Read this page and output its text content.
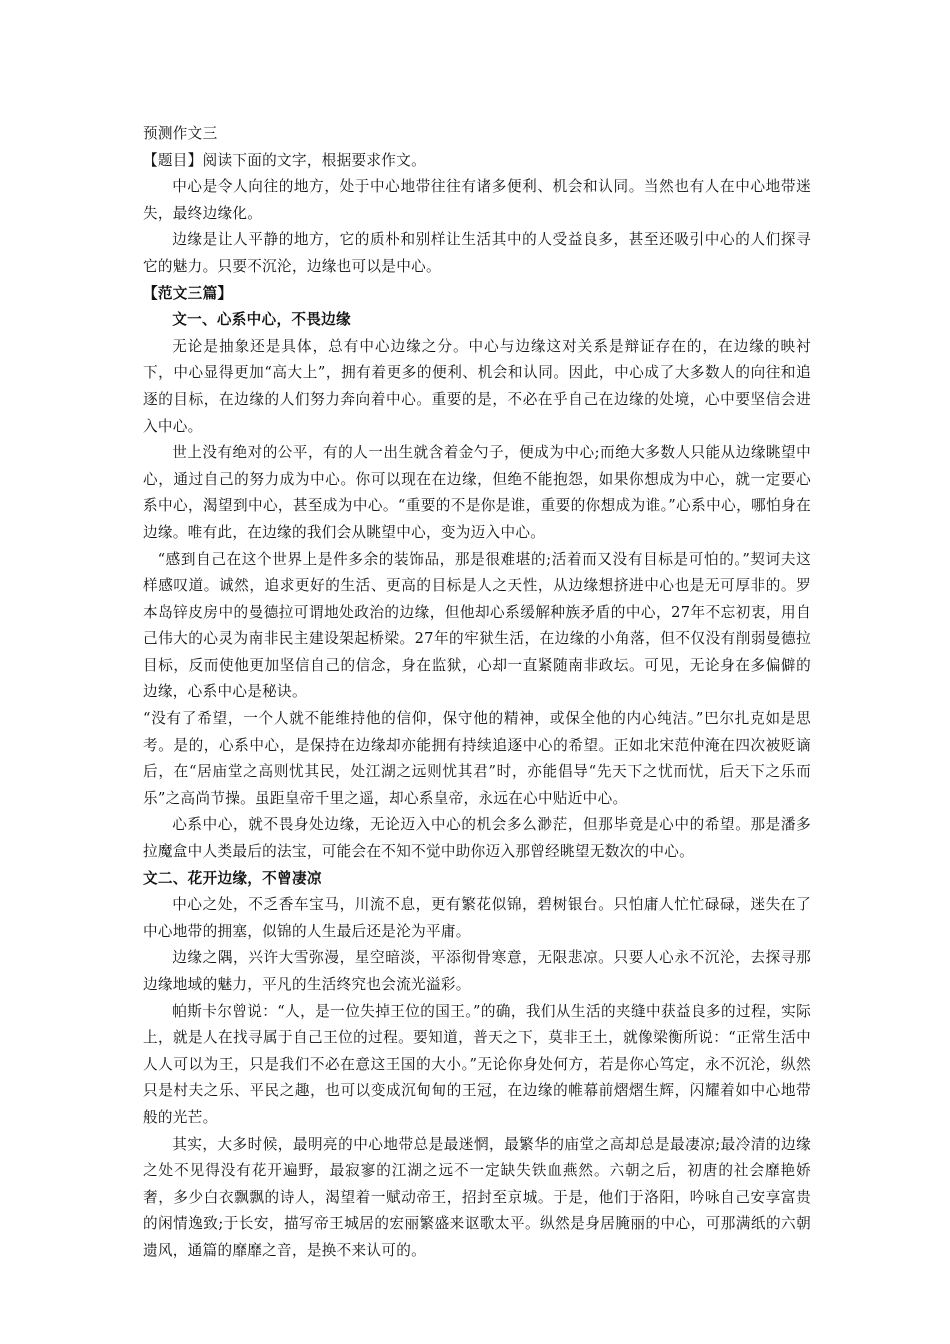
预测作文三

【题目】阅读下面的文字，根据要求作文。

中心是令人向往的地方，处于中心地带往往有诸多便利、机会和认同。当然也有人在中心地带迷失，最终边缘化。

边缘是让人平静的地方，它的质朴和别样让生活其中的人受益良多，甚至还吸引中心的人们探寻它的魅力。只要不沉沦，边缘也可以是中心。

【范文三篇】

文一、心系中心，不畏边缘

无论是抽象还是具体，总有中心边缘之分。中心与边缘这对关系是辩证存在的，在边缘的映衬下，中心显得更加“高大上”，拥有着更多的便利、机会和认同。因此，中心成了大多数人的向往和追逐的目标，在边缘的人们努力奔向着中心。重要的是，不必在乎自己在边缘的处境，心中要坚信会进入中心。

世上没有绝对的公平，有的人一出生就含着金勺子，便成为中心;而绝大多数人只能从边缘眺望中心，通过自己的努力成为中心。你可以现在在边缘，但绝不能抱怨，如果你想成为中心，就一定要心系中心，渴望到中心，甚至成为中心。“重要的不是你是谁，重要的你想成为谁。”心系中心，哪怕身在边缘。唯有此，在边缘的我们会从眺望中心，变为迈入中心。

“感到自己在这个世界上是件多余的装饰品，那是很难堪的;活着而又没有目标是可怕的。”契诃夫这样感叹道。诚然，追求更好的生活、更高的目标是人之天性，从边缘想挤进中心也是无可厚非的。罗本岛锌皮房中的曼德拉可谓地处政治的边缘，但他却心系缓解种族矛盾的中心，27年不忘初衷，用自己伟大的心灵为南非民主建设架起桥梁。27年的牢狱生活，在边缘的小角落，但不仅没有削弱曼德拉目标，反而使他更加坚信自己的信念，身在监狱，心却一直紧随南非政坛。可见，无论身在多偏僻的边缘，心系中心是秘诀。

“没有了希望，一个人就不能维持他的信仰，保守他的精神，或保全他的内心纯洁。”巴尔扎克如是思考。是的，心系中心，是保持在边缘却亦能拥有持续追逐中心的希望。正如北宋范仲淹在四次被贬谪后，在“居庙堂之高则忧其民，处江湖之远则忧其君”时，亦能倡导“先天下之忧而忧，后天下之乐而乐”之高尚节操。虽距皇帝千里之遥，却心系皇帝，永远在心中贴近中心。

心系中心，就不畏身处边缘，无论迈入中心的机会多么渺茫，但那毕竟是心中的希望。那是潘多拉魔盒中人类最后的法宝，可能会在不知不觉中助你迈入那曾经眺望无数次的中心。

文二、花开边缘，不曾凄凉

中心之处，不乏香车宝马，川流不息，更有繁花似锦，碧树银台。只怕庸人忙忙碌碌，迷失在了中心地带的拥塞，似锦的人生最后还是沦为平庸。

边缘之隅，兴许大雪弥漫，星空暗淡，平添彻骨寒意，无限悲凉。只要人心永不沉沦，去探寻那边缘地域的魅力，平凡的生活终究也会流光溢彩。

帕斯卡尔曾说：“人，是一位失掉王位的国王。”的确，我们从生活的夹缝中获益良多的过程，实际上，就是人在找寻属于自己王位的过程。要知道，普天之下，莫非王土，就像梁衡所说：“正常生活中人人可以为王，只是我们不必在意这王国的大小。”无论你身处何方，若是你心笃定，永不沉沦，纵然只是村夫之乐、平民之趣，也可以变成沉甸甸的王冠，在边缘的帷幕前熠熠生辉，闪耀着如中心地带般的光芒。

其实，大多时候，最明亮的中心地带总是最迷惘，最繁华的庙堂之高却总是最凄凉;最冷清的边缘之处不见得没有花开遍野，最寂寥的江湖之远不一定缺失铁血燕然。六朝之后，初唐的社会靡艳娇奢，多少白衣飘飘的诗人，渴望着一赋动帝王，招封至京城。于是，他们于洛阳，吟咏自己安享富贵的闲情逸致;于长安，描写帝王城居的宏丽繁盛来讴歌太平。纵然是身居腌丽的中心，可那满纸的六朝遗风，通篇的靡靡之音，是换不来认可的。
